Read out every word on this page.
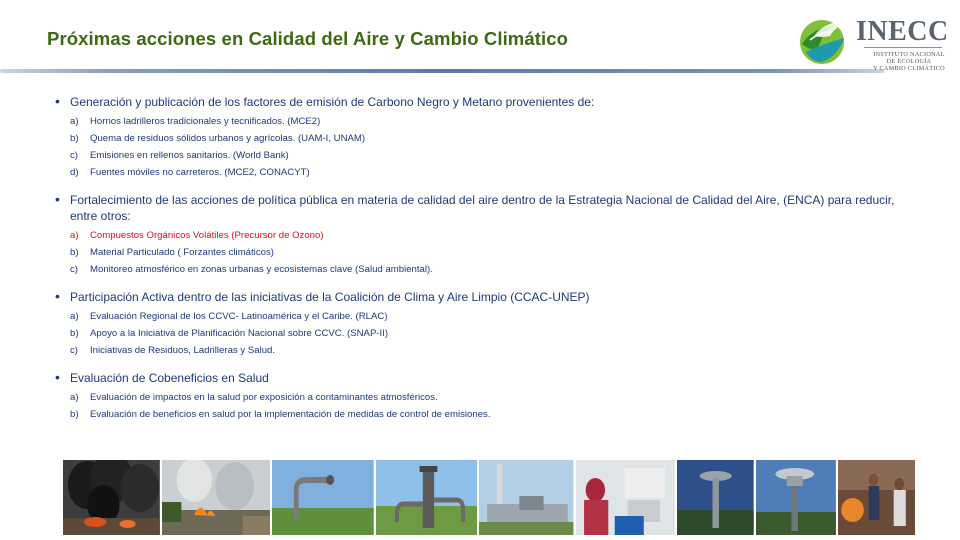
Próximas acciones en Calidad del Aire y Cambio Climático	INECC
INSTITUTO NACIONAL
DE ECOLOGÍA
Y CAMBIO CLIMÁTICO
• Generación y publicación de los factores de emisión de Carbono Negro y Metano provenientes de:
a) Hornos ladrilleros tradicionales y tecnificados. (MCE2)
b) Quema de residuos sólidos urbanos y agrícolas. (UAM-I, UNAM)
c) Emisiones en rellenos sanitarios. (World Bank)
d) Fuentes móviles no carreteros. (MCE2, CONACYT)
• Fortalecimiento de las acciones de política pública en materia de calidad del aire dentro de la Estrategia Nacional de Calidad del Aire, (ENCA) para reducir, entre otros:
a) Compuestos Orgánicos Volátiles (Precursor de Ozono)
b) Material Particulado ( Forzantes climáticos)
c) Monitoreo atmosférico en zonas urbanas y ecosistemas clave (Salud ambiental).
• Participación Activa dentro de las iniciativas de la Coalición de Clima y Aire Limpio (CCAC-UNEP)
a) Evaluación Regional de los CCVC- Latinoamérica y el Caribe. (RLAC)
b) Apoyo a la Iniciativa de Planificación Nacional sobre CCVC. (SNAP-II)
c) Iniciativas de Residuos, Ladrilleras y Salud.
• Evaluación de Cobeneficios en Salud
a) Evaluación de impactos en la salud por exposición a contaminantes atmosféricos.
b) Evaluación de beneficios en salud por la implementación de medidas de control de emisiones.
